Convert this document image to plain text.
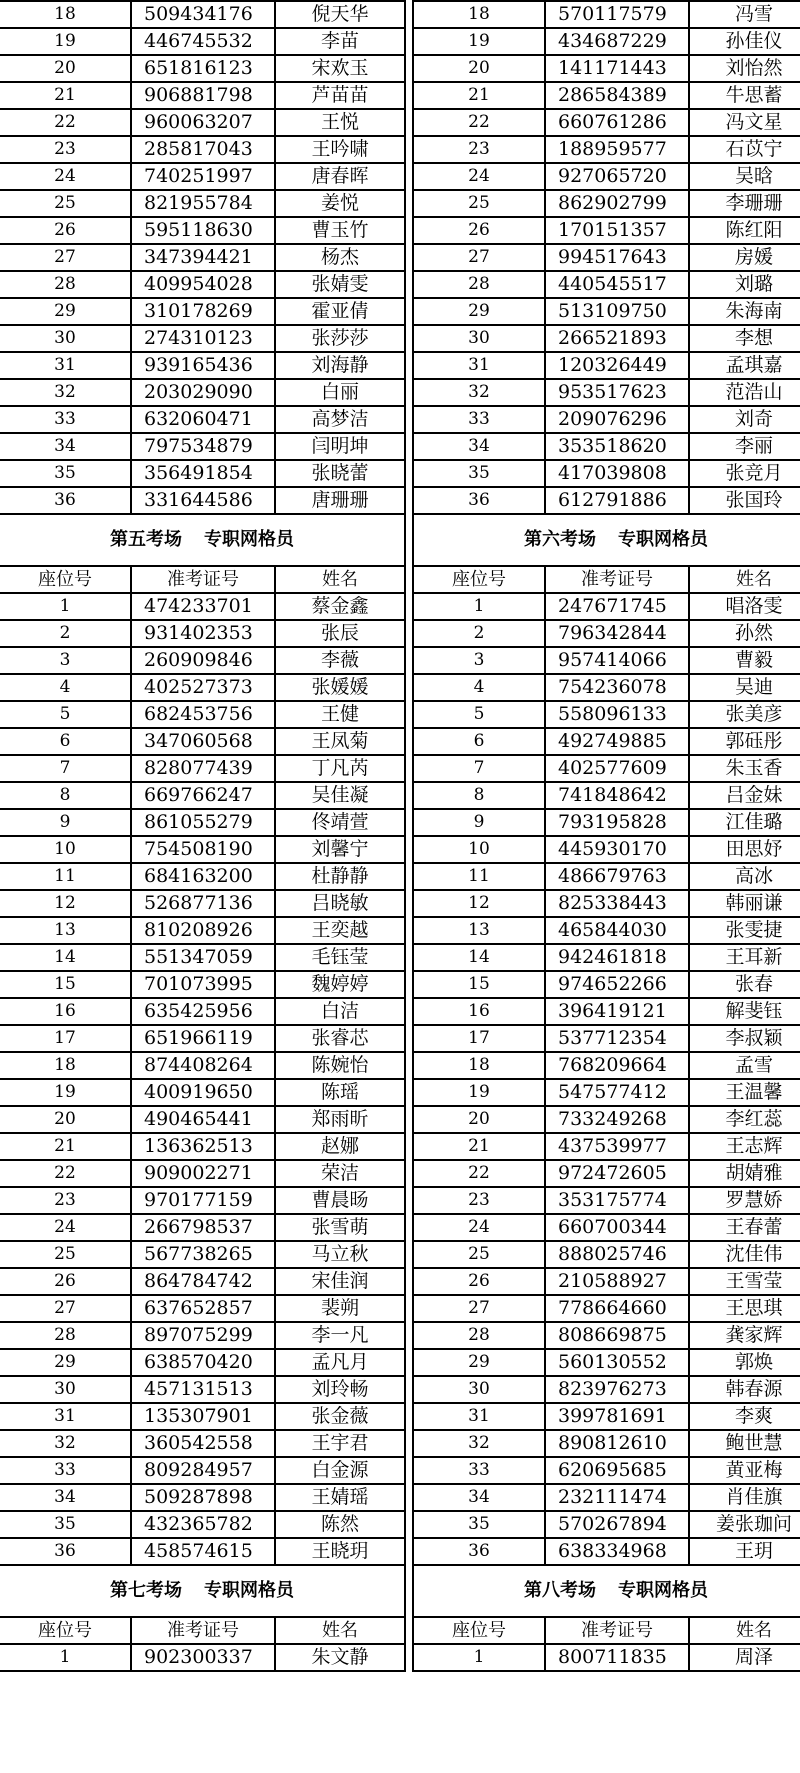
18	509434176	倪天华
19	446745532	李苗
20	651816123	宋欢玉
21	906881798	芦苗苗
22	960063207	王悦
23	285817043	王吟啸
24	740251997	唐春晖
25	821955784	姜悦
26	595118630	曹玉竹
27	347394421	杨杰
28	409954028	张婧雯
29	310178269	霍亚倩
30	274310123	张莎莎
31	939165436	刘海静
32	203029090	白丽
33	632060471	高梦洁
34	797534879	闫明坤
35	356491854	张晓蕾
36	331644586	唐珊珊
第五考场 专职网格员		
座位号	准考证号	姓名
1	474233701	蔡金鑫
2	931402353	张辰
3	260909846	李薇
4	402527373	张媛媛
5	682453756	王健
6	347060568	王凤菊
7	828077439	丁凡芮
8	669766247	吴佳凝
9	861055279	佟靖萱
10	754508190	刘馨宁
11	684163200	杜静静
12	526877136	吕晓敏
13	810208926	王奕越
14	551347059	毛钰莹
15	701073995	魏婷婷
16	635425956	白洁
17	651966119	张睿芯
18	874408264	陈婉怡
19	400919650	陈瑶
20	490465441	郑雨昕
21	136362513	赵娜
22	909002271	荣洁
23	970177159	曹晨旸
24	266798537	张雪萌
25	567738265	马立秋
26	864784742	宋佳润
27	637652857	裴朔
28	897075299	李一凡
29	638570420	孟凡月
30	457131513	刘玲畅
31	135307901	张金薇
32	360542558	王宇君
33	809284957	白金源
34	509287898	王婧瑶
35	432365782	陈然
36	458574615	王晓玥
第七考场 专职网格员		
座位号	准考证号	姓名
1	902300337	朱文静
18	570117579	冯雪
19	434687229	孙佳仪
20	141171443	刘怡然
21	286584389	牛思蓄
22	660761286	冯文星
23	188959577	石苡宁
24	927065720	吴晗
25	862902799	李珊珊
26	170151357	陈红阳
27	994517643	房媛
28	440545517	刘璐
29	513109750	朱海南
30	266521893	李想
31	120326449	孟琪嘉
32	953517623	范浩山
33	209076296	刘奇
34	353518620	李丽
35	417039808	张竞月
36	612791886	张国玲
第六考场 专职网格员		
座位号	准考证号	姓名
1	247671745	唱洛雯
2	796342844	孙然
3	957414066	曹毅
4	754236078	吴迪
5	558096133	张美彦
6	492749885	郭砡彤
7	402577609	朱玉香
8	741848642	吕金妹
9	793195828	江佳璐
10	445930170	田思妤
11	486679763	高冰
12	825338443	韩丽谦
13	465844030	张雯捷
14	942461818	王耳新
15	974652266	张春
16	396419121	解斐钰
17	537712354	李叔颖
18	768209664	孟雪
19	547577412	王温馨
20	733249268	李红蕊
21	437539977	王志辉
22	972472605	胡婧雅
23	353175774	罗慧娇
24	660700344	王春蕾
25	888025746	沈佳伟
26	210588927	王雪莹
27	778664660	王思琪
28	808669875	龚家辉
29	560130552	郭焕
30	823976273	韩春源
31	399781691	李爽
32	890812610	鲍世慧
33	620695685	黄亚梅
34	232111474	肖佳旗
35	570267894	姜张珈问
36	638334968	王玥
第八考场 专职网格员		
座位号	准考证号	姓名
1	800711835	周泽
